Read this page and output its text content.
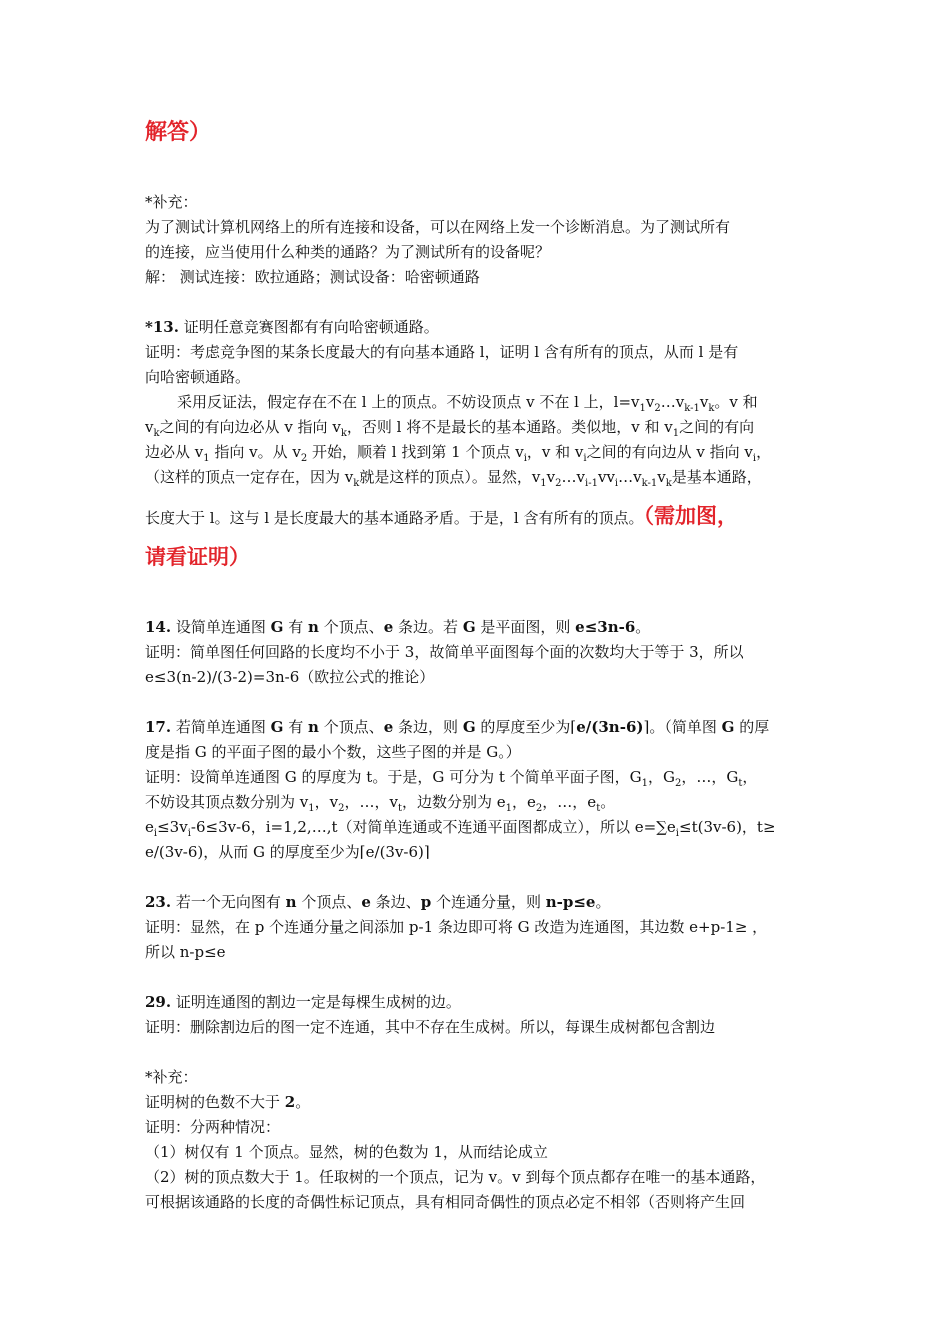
解答）
*补充：
为了测试计算机网络上的所有连接和设备，可以在网络上发一个诊断消息。为了测试所有
的连接，应当使用什么种类的通路？为了测试所有的设备呢？
解： 测试连接：欧拉通路；测试设备：哈密顿通路
*13. 证明任意竞赛图都有有向哈密顿通路。
证明：考虑竞争图的某条长度最大的有向基本通路 l，证明 l 含有所有的顶点，从而 l 是有
向哈密顿通路。
采用反证法，假定存在不在 l 上的顶点。不妨设顶点 v 不在 l 上，$l=v_1v_2\dots v_{k-1}v_k$。v 和
$v_k$之间的有向边必从 v 指向 $v_k$，否则 l 将不是最长的基本通路。类似地，v 和 $v_1$之间的有向
边必从 $v_1$ 指向 v。从 $v_2$ 开始，顺着 l 找到第 1 个顶点 $v_i$，v 和 $v_i$之间的有向边从 v 指向 $v_i$，
（这样的顶点一定存在，因为 $v_k$就是这样的顶点）。显然，$v_1v_2\dots v_{i-1}vv_i\dots v_{k-1}v_k$是基本通路，
长度大于 l。这与 l 是长度最大的基本通路矛盾。于是，l 含有所有的顶点。（需加图，
请看证明）
14. 设简单连通图 G 有 n 个顶点、e 条边。若 G 是平面图，则 e≤3n-6。
证明：简单图任何回路的长度均不小于 3，故简单平面图每个面的次数均大于等于 3，所以
e≤3(n-2)/(3-2)=3n-6（欧拉公式的推论）
17. 若简单连通图 G 有 n 个顶点、e 条边，则 G 的厚度至少为⌈e/(3n-6)⌉。（简单图 G 的厚
度是指 G 的平面子图的最小个数，这些子图的并是 G。）
证明：设简单连通图 G 的厚度为 t。于是，G 可分为 t 个简单平面子图，$G_1$，$G_2$，…，$G_t$，
不妨设其顶点数分别为 $v_1$，$v_2$，…，$v_t$，边数分别为 $e_1$，$e_2$，…，$e_t$。
$e_i\le 3v_i-6\le 3v-6$，i=1,2,…,t（对简单连通或不连通平面图都成立），所以 $e=\sum e_i\le t(3v-6)$，t≥
e/(3v-6)，从而 G 的厚度至少为⌈e/(3v-6)⌉
23. 若一个无向图有 n 个顶点、e 条边、p 个连通分量，则 n-p≤e。
证明：显然，在 p 个连通分量之间添加 p-1 条边即可将 G 改造为连通图，其边数 e+p-1≥ ，
所以 n-p≤e
29. 证明连通图的割边一定是每棵生成树的边。
证明：删除割边后的图一定不连通，其中不存在生成树。所以，每课生成树都包含割边
*补充：
证明树的色数不大于 2。
证明：分两种情况：
（1）树仅有 1 个顶点。显然，树的色数为 1，从而结论成立
（2）树的顶点数大于 1。任取树的一个顶点，记为 v。v 到每个顶点都存在唯一的基本通路，
可根据该通路的长度的奇偶性标记顶点，具有相同奇偶性的顶点必定不相邻（否则将产生回
